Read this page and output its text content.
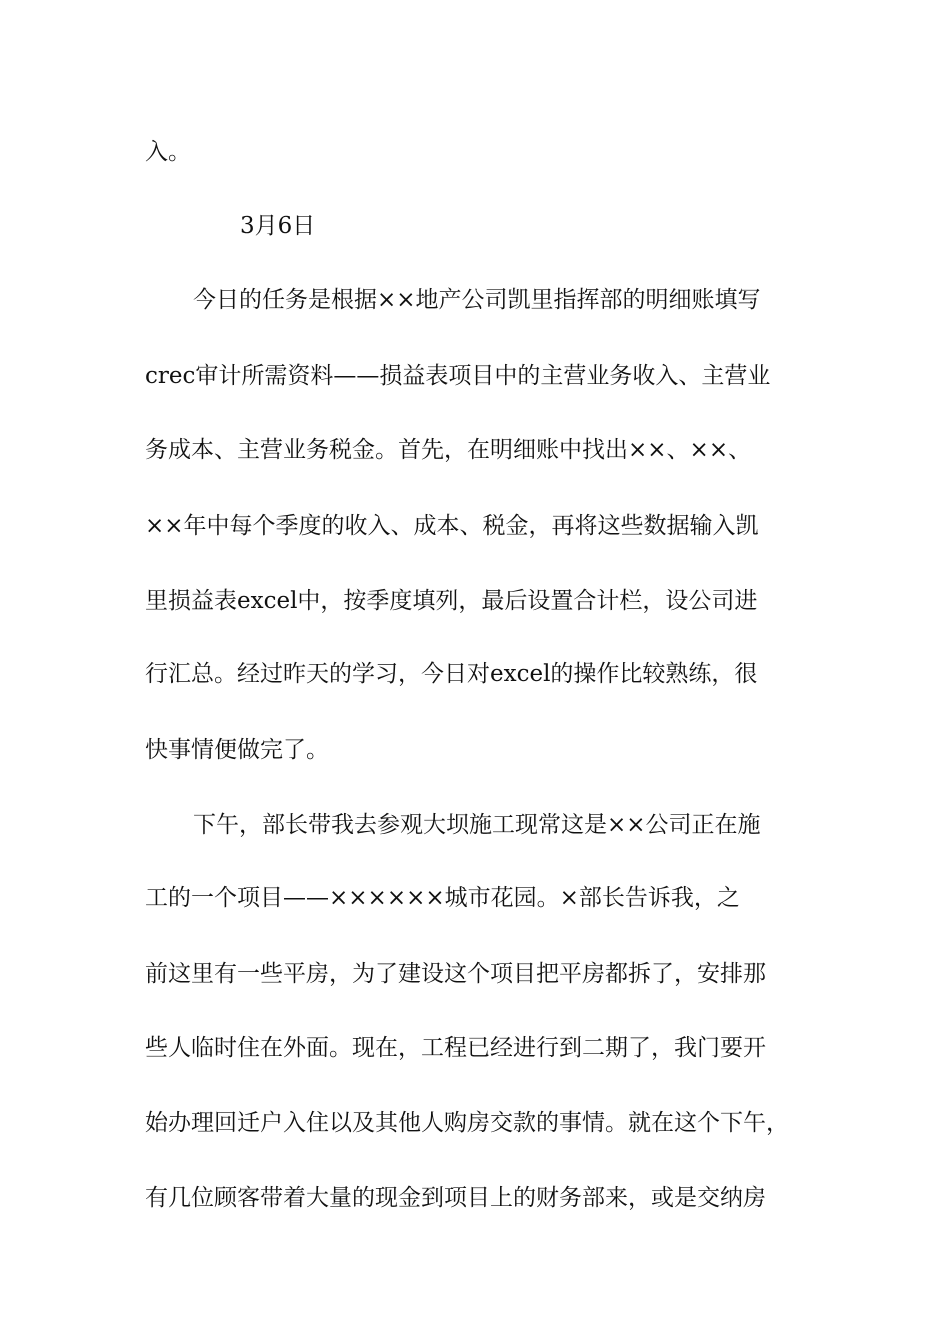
入。
3月6日
今日的任务是根据××地产公司凯里指挥部的明细账填写
crec审计所需资料——损益表项目中的主营业务收入、主营业
务成本、主营业务税金。首先，在明细账中找出××、××、
××年中每个季度的收入、成本、税金，再将这些数据输入凯
里损益表excel中，按季度填列，最后设置合计栏，设公司进
行汇总。经过昨天的学习，今日对excel的操作比较熟练，很
快事情便做完了。
下午，部长带我去参观大坝施工现常这是××公司正在施
工的一个项目——××××××城市花园。×部长告诉我，之
前这里有一些平房，为了建设这个项目把平房都拆了，安排那
些人临时住在外面。现在，工程已经进行到二期了，我门要开
始办理回迁户入住以及其他人购房交款的事情。就在这个下午，
有几位顾客带着大量的现金到项目上的财务部来，或是交纳房
